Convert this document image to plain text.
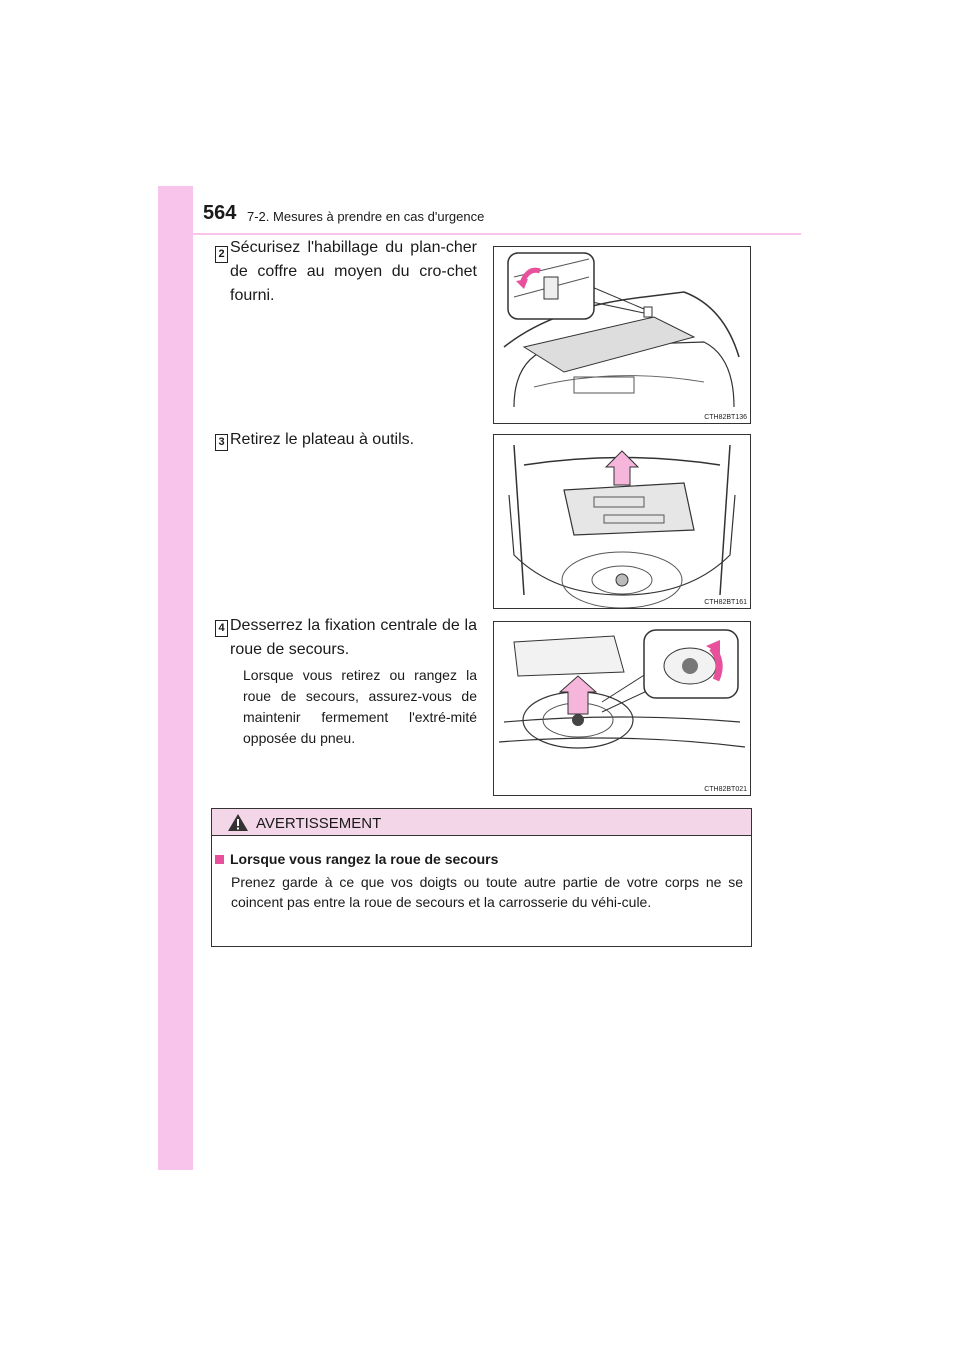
564 7-2. Mesures à prendre en cas d'urgence
2 Sécurisez l'habillage du plan-cher de coffre au moyen du cro-chet fourni.
CTH82BT136
3 Retirez le plateau à outils.
CTH82BT161
4 Desserrez la fixation centrale de la roue de secours.
Lorsque vous retirez ou rangez la roue de secours, assurez-vous de maintenir fermement l'extré-mité opposée du pneu.
CTH82BT021
AVERTISSEMENT
Lorsque vous rangez la roue de secours
Prenez garde à ce que vos doigts ou toute autre partie de votre corps ne se coincent pas entre la roue de secours et la carrosserie du véhi-cule.
